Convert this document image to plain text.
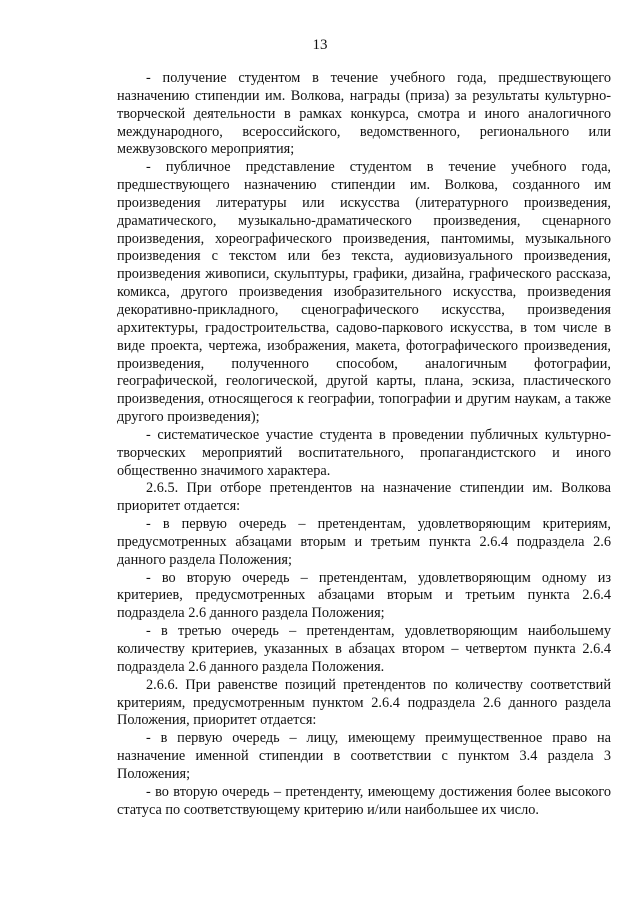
13

- получение студентом в течение учебного года, предшествующего назначению стипендии им. Волкова, награды (приза) за результаты культурно-творческой деятельности в рамках конкурса, смотра и иного аналогичного международного, всероссийского, ведомственного, регионального или межвузовского мероприятия;

- публичное представление студентом в течение учебного года, предшествующего назначению стипендии им. Волкова, созданного им произведения литературы или искусства (литературного произведения, драматического, музыкально-драматического произведения, сценарного произведения, хореографического произведения, пантомимы, музыкального произведения с текстом или без текста, аудиовизуального произведения, произведения живописи, скульптуры, графики, дизайна, графического рассказа, комикса, другого произведения изобразительного искусства, произведения декоративно-прикладного, сценографического искусства, произведения архитектуры, градостроительства, садово-паркового искусства, в том числе в виде проекта, чертежа, изображения, макета, фотографического произведения, произведения, полученного способом, аналогичным фотографии, географической, геологической, другой карты, плана, эскиза, пластического произведения, относящегося к географии, топографии и другим наукам, а также другого произведения);

- систематическое участие студента в проведении публичных культурно-творческих мероприятий воспитательного, пропагандистского и иного общественно значимого характера.

2.6.5. При отборе претендентов на назначение стипендии им. Волкова приоритет отдается:

- в первую очередь – претендентам, удовлетворяющим критериям, предусмотренных абзацами вторым и третьим пункта 2.6.4 подраздела 2.6 данного раздела Положения;

- во вторую очередь – претендентам, удовлетворяющим одному из критериев, предусмотренных абзацами вторым и третьим пункта 2.6.4 подраздела 2.6 данного раздела Положения;

- в третью очередь – претендентам, удовлетворяющим наибольшему количеству критериев, указанных в абзацах втором – четвертом пункта 2.6.4 подраздела 2.6 данного раздела Положения.

2.6.6. При равенстве позиций претендентов по количеству соответствий критериям, предусмотренным пунктом 2.6.4 подраздела 2.6 данного раздела Положения, приоритет отдается:

- в первую очередь – лицу, имеющему преимущественное право на назначение именной стипендии в соответствии с пунктом 3.4 раздела 3 Положения;

- во вторую очередь – претенденту, имеющему достижения более высокого статуса по соответствующему критерию и/или наибольшее их число.
